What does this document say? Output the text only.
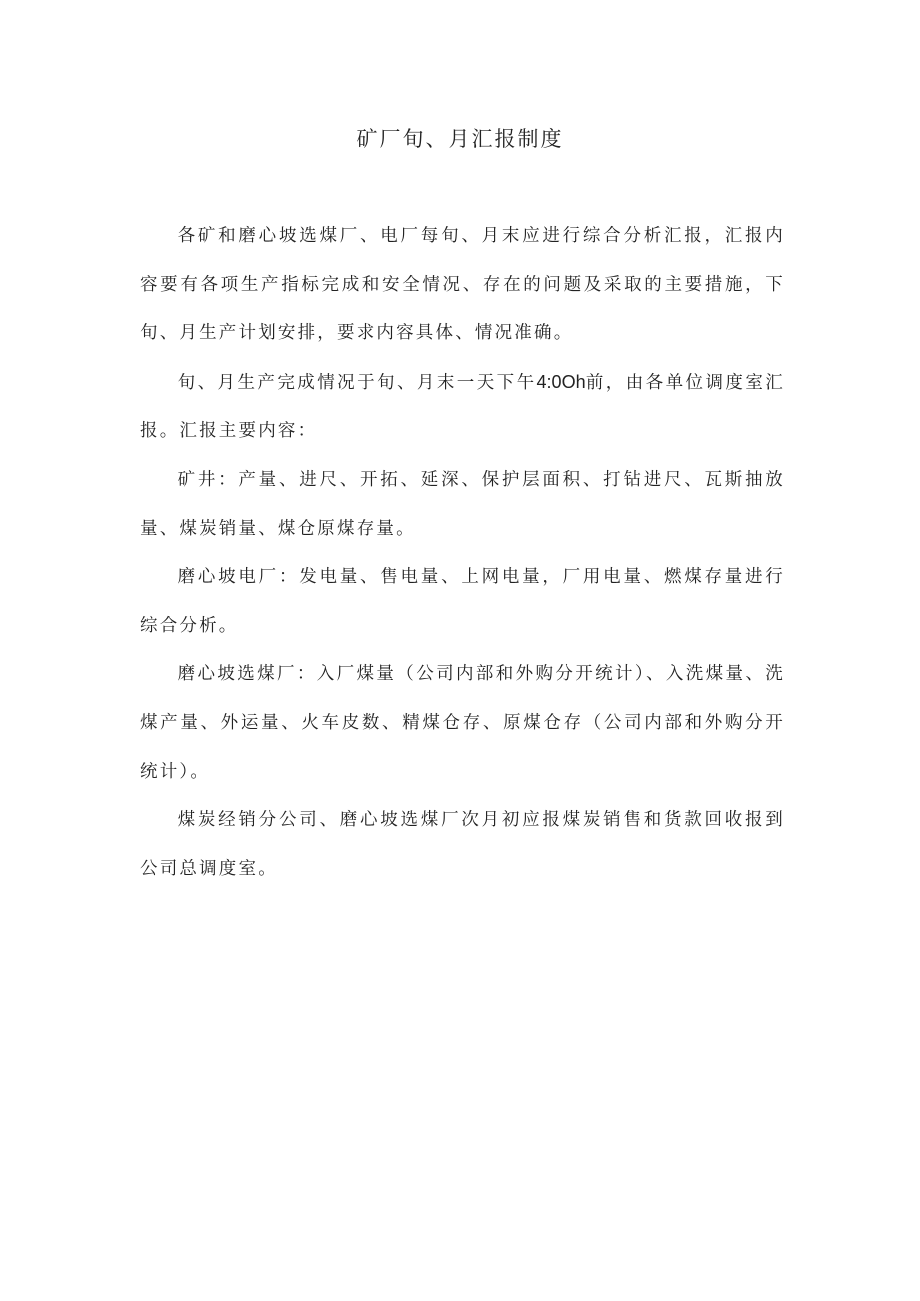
矿厂旬、月汇报制度

各矿和磨心坡选煤厂、电厂每旬、月末应进行综合分析汇报，汇报内容要有各项生产指标完成和安全情况、存在的问题及采取的主要措施，下旬、月生产计划安排，要求内容具体、情况准确。

旬、月生产完成情况于旬、月末一天下午4:0Oh前，由各单位调度室汇报。汇报主要内容：

矿井：产量、进尺、开拓、延深、保护层面积、打钻进尺、瓦斯抽放量、煤炭销量、煤仓原煤存量。

磨心坡电厂：发电量、售电量、上网电量，厂用电量、燃煤存量进行综合分析。

磨心坡选煤厂：入厂煤量（公司内部和外购分开统计）、入洗煤量、洗煤产量、外运量、火车皮数、精煤仓存、原煤仓存（公司内部和外购分开统计）。

煤炭经销分公司、磨心坡选煤厂次月初应报煤炭销售和货款回收报到公司总调度室。
